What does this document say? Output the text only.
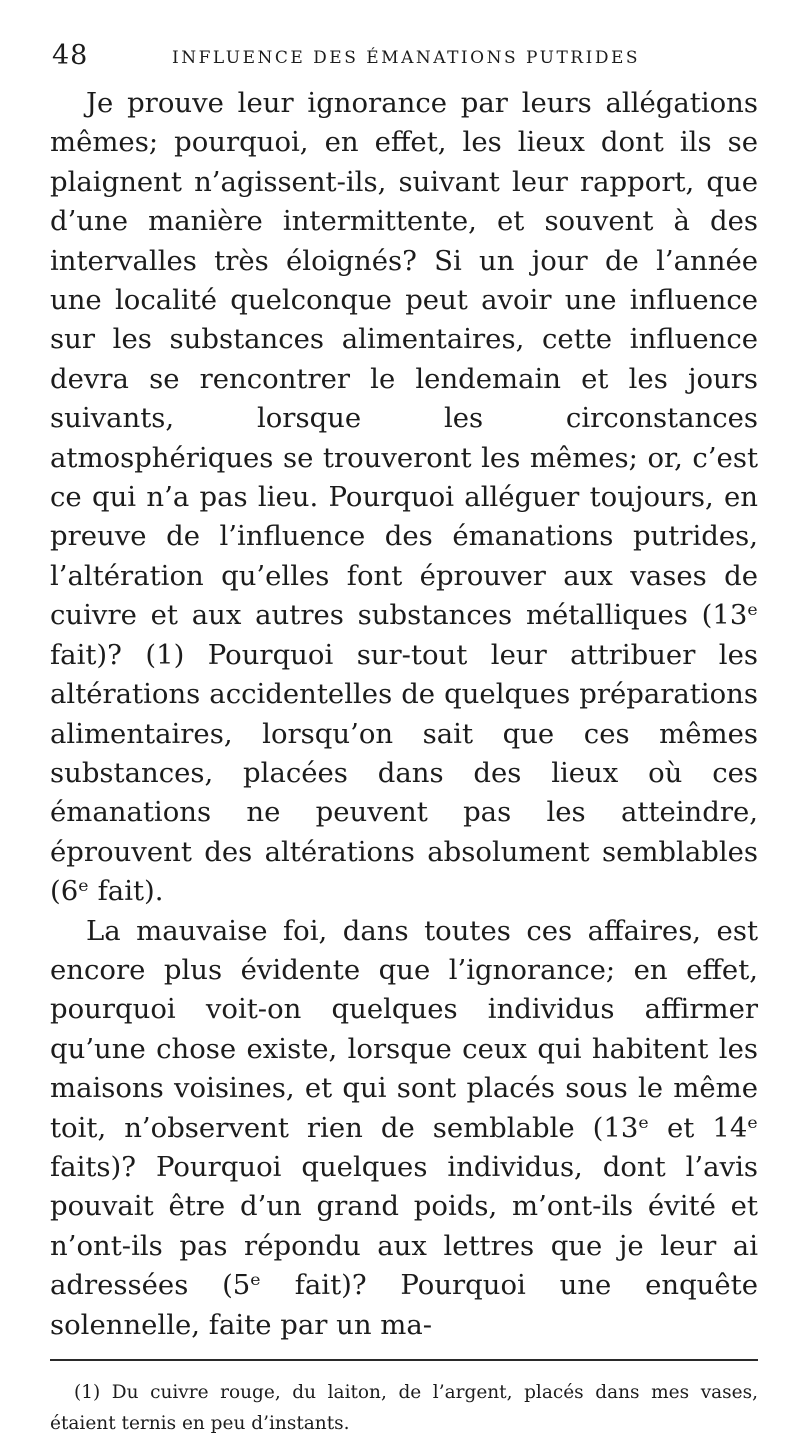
48	INFLUENCE DES ÉMANATIONS PUTRIDES

Je prouve leur ignorance par leurs allégations mêmes; pourquoi, en effet, les lieux dont ils se plaignent n’agissent-ils, suivant leur rapport, que d’une manière intermittente, et souvent à des intervalles très éloignés? Si un jour de l’année une localité quelconque peut avoir une influence sur les substances alimentaires, cette influence devra se rencontrer le lendemain et les jours suivants, lorsque les circonstances atmosphériques se trouveront les mêmes; or, c’est ce qui n’a pas lieu. Pourquoi alléguer toujours, en preuve de l’influence des émanations putrides, l’altération qu’elles font éprouver aux vases de cuivre et aux autres substances métalliques (13ᵉ fait)? (1) Pourquoi sur-tout leur attribuer les altérations accidentelles de quelques préparations alimentaires, lorsqu’on sait que ces mêmes substances, placées dans des lieux où ces émanations ne peuvent pas les atteindre, éprouvent des altérations absolument semblables (6ᵉ fait).

La mauvaise foi, dans toutes ces affaires, est encore plus évidente que l’ignorance; en effet, pourquoi voit-on quelques individus affirmer qu’une chose existe, lorsque ceux qui habitent les maisons voisines, et qui sont placés sous le même toit, n’observent rien de semblable (13ᵉ et 14ᵉ faits)? Pourquoi quelques individus, dont l’avis pouvait être d’un grand poids, m’ont-ils évité et n’ont-ils pas répondu aux lettres que je leur ai adressées (5ᵉ fait)? Pourquoi une enquête solennelle, faite par un ma-

(1) Du cuivre rouge, du laiton, de l’argent, placés dans mes vases, étaient ternis en peu d’instants.
